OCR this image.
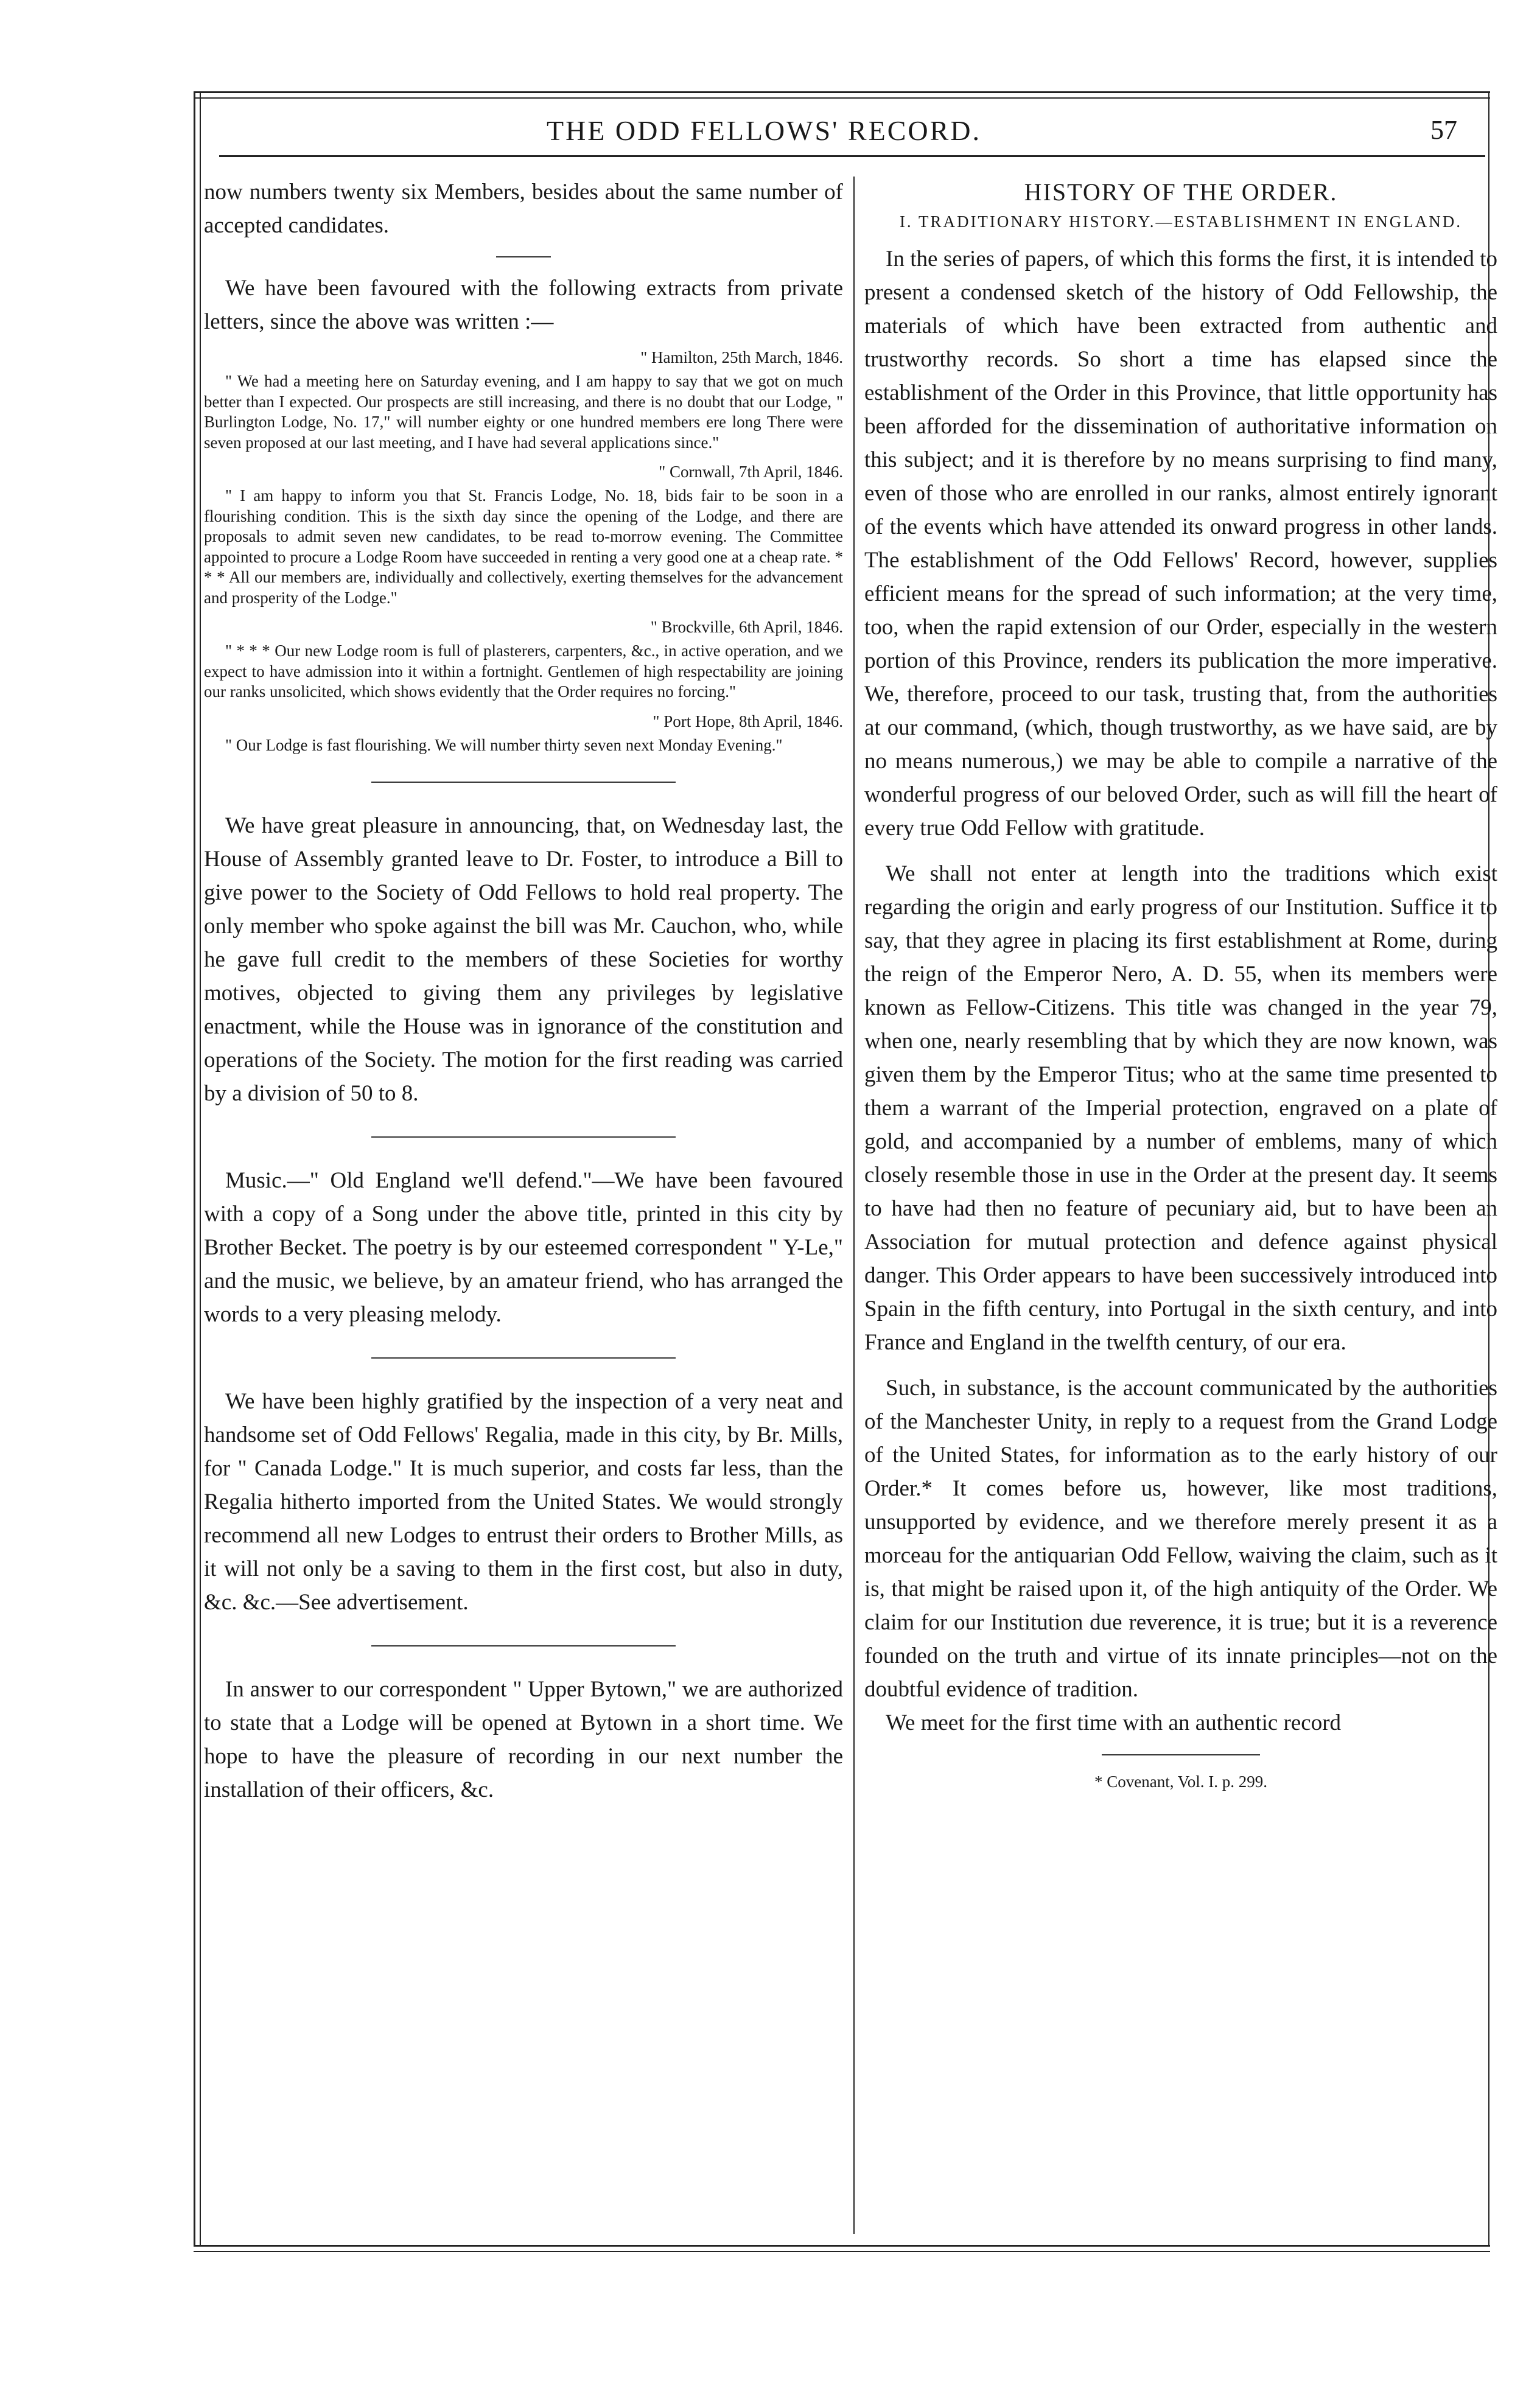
THE ODD FELLOWS' RECORD.	57

now numbers twenty six Members, besides about the same number of accepted candidates.

We have been favoured with the following extracts from private letters, since the above was written :—

" Hamilton, 25th March, 1846.

" We had a meeting here on Saturday evening, and I am happy to say that we got on much better than I expected. Our prospects are still increasing, and there is no doubt that our Lodge, " Burlington Lodge, No. 17," will number eighty or one hundred members ere long There were seven proposed at our last meeting, and I have had several applications since."

" Cornwall, 7th April, 1846.

" I am happy to inform you that St. Francis Lodge, No. 18, bids fair to be soon in a flourishing condition. This is the sixth day since the opening of the Lodge, and there are proposals to admit seven new candidates, to be read to-morrow evening. The Committee appointed to procure a Lodge Room have succeeded in renting a very good one at a cheap rate. * * * All our members are, individually and collectively, exerting themselves for the advancement and prosperity of the Lodge."

" Brockville, 6th April, 1846.

" * * * Our new Lodge room is full of plasterers, carpenters, &c., in active operation, and we expect to have admission into it within a fortnight. Gentlemen of high respectability are joining our ranks unsolicited, which shows evidently that the Order requires no forcing."

" Port Hope, 8th April, 1846.

" Our Lodge is fast flourishing. We will number thirty seven next Monday Evening."

We have great pleasure in announcing, that, on Wednesday last, the House of Assembly granted leave to Dr. Foster, to introduce a Bill to give power to the Society of Odd Fellows to hold real property. The only member who spoke against the bill was Mr. Cauchon, who, while he gave full credit to the members of these Societies for worthy motives, objected to giving them any privileges by legislative enactment, while the House was in ignorance of the constitution and operations of the Society. The motion for the first reading was carried by a division of 50 to 8.

Music.—" Old England we'll defend."—We have been favoured with a copy of a Song under the above title, printed in this city by Brother Becket. The poetry is by our esteemed correspondent " Y-Le," and the music, we believe, by an amateur friend, who has arranged the words to a very pleasing melody.

We have been highly gratified by the inspection of a very neat and handsome set of Odd Fellows' Regalia, made in this city, by Br. Mills, for " Canada Lodge." It is much superior, and costs far less, than the Regalia hitherto imported from the United States. We would strongly recommend all new Lodges to entrust their orders to Brother Mills, as it will not only be a saving to them in the first cost, but also in duty, &c. &c.—See advertisement.

In answer to our correspondent " Upper Bytown," we are authorized to state that a Lodge will be opened at Bytown in a short time. We hope to have the pleasure of recording in our next number the installation of their officers, &c.

HISTORY OF THE ORDER.
I. TRADITIONARY HISTORY.—ESTABLISHMENT IN ENGLAND.

In the series of papers, of which this forms the first, it is intended to present a condensed sketch of the history of Odd Fellowship, the materials of which have been extracted from authentic and trustworthy records. So short a time has elapsed since the establishment of the Order in this Province, that little opportunity has been afforded for the dissemination of authoritative information on this subject; and it is therefore by no means surprising to find many, even of those who are enrolled in our ranks, almost entirely ignorant of the events which have attended its onward progress in other lands. The establishment of the Odd Fellows' Record, however, supplies efficient means for the spread of such information; at the very time, too, when the rapid extension of our Order, especially in the western portion of this Province, renders its publication the more imperative. We, therefore, proceed to our task, trusting that, from the authorities at our command, (which, though trustworthy, as we have said, are by no means numerous,) we may be able to compile a narrative of the wonderful progress of our beloved Order, such as will fill the heart of every true Odd Fellow with gratitude.

We shall not enter at length into the traditions which exist regarding the origin and early progress of our Institution. Suffice it to say, that they agree in placing its first establishment at Rome, during the reign of the Emperor Nero, A. D. 55, when its members were known as Fellow-Citizens. This title was changed in the year 79, when one, nearly resembling that by which they are now known, was given them by the Emperor Titus; who at the same time presented to them a warrant of the Imperial protection, engraved on a plate of gold, and accompanied by a number of emblems, many of which closely resemble those in use in the Order at the present day. It seems to have had then no feature of pecuniary aid, but to have been an Association for mutual protection and defence against physical danger. This Order appears to have been successively introduced into Spain in the fifth century, into Portugal in the sixth century, and into France and England in the twelfth century, of our era.

Such, in substance, is the account communicated by the authorities of the Manchester Unity, in reply to a request from the Grand Lodge of the United States, for information as to the early history of our Order.* It comes before us, however, like most traditions, unsupported by evidence, and we therefore merely present it as a morceau for the antiquarian Odd Fellow, waiving the claim, such as it is, that might be raised upon it, of the high antiquity of the Order. We claim for our Institution due reverence, it is true; but it is a reverence founded on the truth and virtue of its innate principles—not on the doubtful evidence of tradition.

We meet for the first time with an authentic record

* Covenant, Vol. I. p. 299.
